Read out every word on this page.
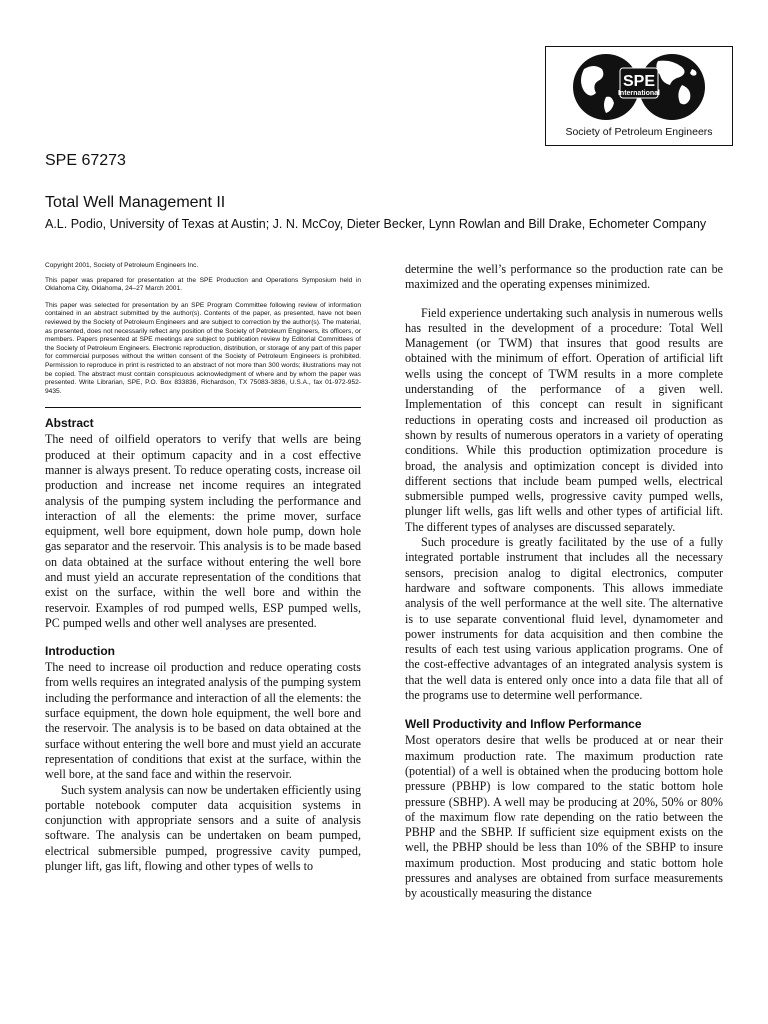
SPE
International
Society of Petroleum Engineers
SPE 67273
Total Well Management II
A.L. Podio, University of Texas at Austin; J. N. McCoy, Dieter Becker, Lynn Rowlan and Bill Drake, Echometer Company

Copyright 2001, Society of Petroleum Engineers Inc.

This paper was prepared for presentation at the SPE Production and Operations Symposium held in Oklahoma City, Oklahoma, 24–27 March 2001.

This paper was selected for presentation by an SPE Program Committee following review of information contained in an abstract submitted by the author(s). Contents of the paper, as presented, have not been reviewed by the Society of Petroleum Engineers and are subject to correction by the author(s). The material, as presented, does not necessarily reflect any position of the Society of Petroleum Engineers, its officers, or members. Papers presented at SPE meetings are subject to publication review by Editorial Committees of the Society of Petroleum Engineers. Electronic reproduction, distribution, or storage of any part of this paper for commercial purposes without the written consent of the Society of Petroleum Engineers is prohibited. Permission to reproduce in print is restricted to an abstract of not more than 300 words; illustrations may not be copied. The abstract must contain conspicuous acknowledgment of where and by whom the paper was presented. Write Librarian, SPE, P.O. Box 833836, Richardson, TX 75083-3836, U.S.A., fax 01-972-952-9435.

Abstract

The need of oilfield operators to verify that wells are being produced at their optimum capacity and in a cost effective manner is always present. To reduce operating costs, increase oil production and increase net income requires an integrated analysis of the pumping system including the performance and interaction of all the elements: the prime mover, surface equipment, well bore equipment, down hole pump, down hole gas separator and the reservoir. This analysis is to be made based on data obtained at the surface without entering the well bore and must yield an accurate representation of the conditions that exist on the surface, within the well bore and within the reservoir. Examples of rod pumped wells, ESP pumped wells, PC pumped wells and other well analyses are presented.

Introduction

The need to increase oil production and reduce operating costs from wells requires an integrated analysis of the pumping system including the performance and interaction of all the elements: the surface equipment, the down hole equipment, the well bore and the reservoir. The analysis is to be based on data obtained at the surface without entering the well bore and must yield an accurate representation of conditions that exist at the surface, within the well bore, at the sand face and within the reservoir.

Such system analysis can now be undertaken efficiently using portable notebook computer data acquisition systems in conjunction with appropriate sensors and a suite of analysis software. The analysis can be undertaken on beam pumped, electrical submersible pumped, progressive cavity pumped, plunger lift, gas lift, flowing and other types of wells to

determine the well’s performance so the production rate can be maximized and the operating expenses minimized.

Field experience undertaking such analysis in numerous wells has resulted in the development of a procedure: Total Well Management (or TWM) that insures that good results are obtained with the minimum of effort. Operation of artificial lift wells using the concept of TWM results in a more complete understanding of the performance of a given well. Implementation of this concept can result in significant reductions in operating costs and increased oil production as shown by results of numerous operators in a variety of operating conditions. While this production optimization procedure is broad, the analysis and optimization concept is divided into different sections that include beam pumped wells, electrical submersible pumped wells, progressive cavity pumped wells, plunger lift wells, gas lift wells and other types of artificial lift. The different types of analyses are discussed separately.

Such procedure is greatly facilitated by the use of a fully integrated portable instrument that includes all the necessary sensors, precision analog to digital electronics, computer hardware and software components. This allows immediate analysis of the well performance at the well site. The alternative is to use separate conventional fluid level, dynamometer and power instruments for data acquisition and then combine the results of each test using various application programs. One of the cost-effective advantages of an integrated analysis system is that the well data is entered only once into a data file that all of the programs use to determine well performance.

Well Productivity and Inflow Performance

Most operators desire that wells be produced at or near their maximum production rate. The maximum production rate (potential) of a well is obtained when the producing bottom hole pressure (PBHP) is low compared to the static bottom hole pressure (SBHP). A well may be producing at 20%, 50% or 80% of the maximum flow rate depending on the ratio between the PBHP and the SBHP. If sufficient size equipment exists on the well, the PBHP should be less than 10% of the SBHP to insure maximum production. Most producing and static bottom hole pressures and analyses are obtained from surface measurements by acoustically measuring the distance
